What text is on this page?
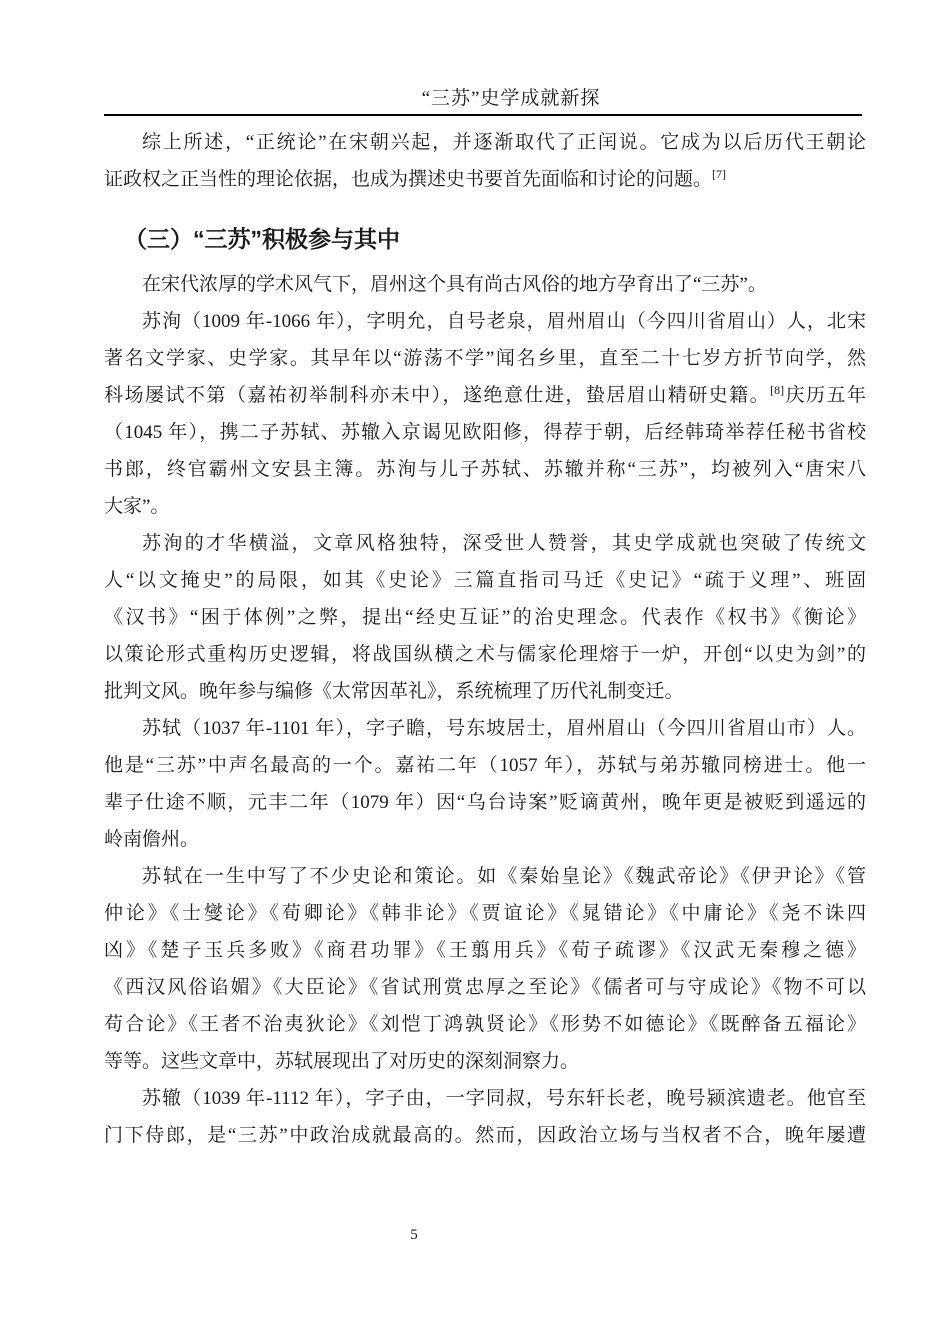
“三苏”史学成就新探
综上所述，“正统论”在宋朝兴起，并逐渐取代了正闰说。它成为以后历代王朝论
证政权之正当性的理论依据，也成为撰述史书要首先面临和讨论的问题。[7]
（三）“三苏”积极参与其中
在宋代浓厚的学术风气下，眉州这个具有尚古风俗的地方孕育出了“三苏”。
苏洵（1009 年-1066 年），字明允，自号老泉，眉州眉山（今四川省眉山）人，北宋
著名文学家、史学家。其早年以“游荡不学”闻名乡里，直至二十七岁方折节向学，然
科场屡试不第（嘉祐初举制科亦未中），遂绝意仕进，蛰居眉山精研史籍。[8]庆历五年
（1045 年），携二子苏轼、苏辙入京谒见欧阳修，得荐于朝，后经韩琦举荐任秘书省校
书郎，终官霸州文安县主簿。苏洵与儿子苏轼、苏辙并称“三苏”，均被列入“唐宋八
大家”。
苏洵的才华横溢，文章风格独特，深受世人赞誉，其史学成就也突破了传统文
人“以文掩史”的局限，如其《史论》三篇直指司马迁《史记》“疏于义理”、班固
《汉书》“困于体例”之弊，提出“经史互证”的治史理念。代表作《权书》《衡论》
以策论形式重构历史逻辑，将战国纵横之术与儒家伦理熔于一炉，开创“以史为剑”的
批判文风。晚年参与编修《太常因革礼》，系统梳理了历代礼制变迁。
苏轼（1037 年-1101 年），字子瞻，号东坡居士，眉州眉山（今四川省眉山市）人。
他是“三苏”中声名最高的一个。嘉祐二年（1057 年），苏轼与弟苏辙同榜进士。他一
辈子仕途不顺，元丰二年（1079 年）因“乌台诗案”贬谪黄州，晚年更是被贬到遥远的
岭南儋州。
苏轼在一生中写了不少史论和策论。如《秦始皇论》《魏武帝论》《伊尹论》《管
仲论》《士燮论》《荀卿论》《韩非论》《贾谊论》《晁错论》《中庸论》《尧不诛四
凶》《楚子玉兵多败》《商君功罪》《王翦用兵》《荀子疏谬》《汉武无秦穆之德》
《西汉风俗谄媚》《大臣论》《省试刑赏忠厚之至论》《儒者可与守成论》《物不可以
苟合论》《王者不治夷狄论》《刘恺丁鸿孰贤论》《形势不如德论》《既醉备五福论》
等等。这些文章中，苏轼展现出了对历史的深刻洞察力。
苏辙（1039 年-1112 年），字子由，一字同叔，号东轩长老，晚号颍滨遗老。他官至
门下侍郎，是“三苏”中政治成就最高的。然而，因政治立场与当权者不合，晚年屡遭
5
